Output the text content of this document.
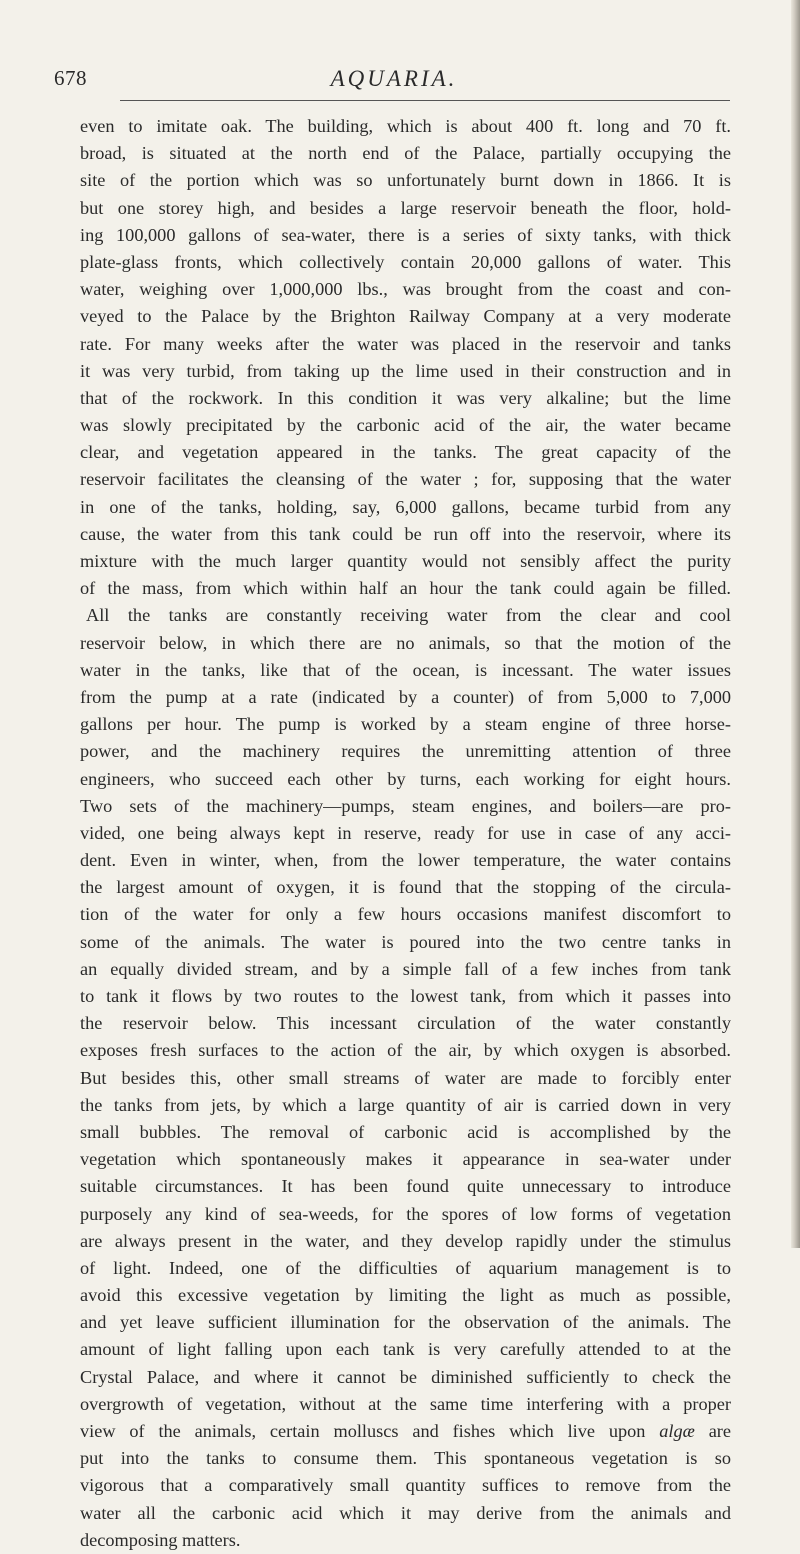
678	AQUARIA.
even to imitate oak. The building, which is about 400 ft. long and 70 ft.
broad, is situated at the north end of the Palace, partially occupying the
site of the portion which was so unfortunately burnt down in 1866. It is
but one storey high, and besides a large reservoir beneath the floor, hold-
ing 100,000 gallons of sea-water, there is a series of sixty tanks, with thick
plate-glass fronts, which collectively contain 20,000 gallons of water. This
water, weighing over 1,000,000 lbs., was brought from the coast and con-
veyed to the Palace by the Brighton Railway Company at a very moderate
rate. For many weeks after the water was placed in the reservoir and tanks
it was very turbid, from taking up the lime used in their construction and in
that of the rockwork. In this condition it was very alkaline; but the lime
was slowly precipitated by the carbonic acid of the air, the water became
clear, and vegetation appeared in the tanks. The great capacity of the
reservoir facilitates the cleansing of the water ; for, supposing that the water
in one of the tanks, holding, say, 6,000 gallons, became turbid from any
cause, the water from this tank could be run off into the reservoir, where its
mixture with the much larger quantity would not sensibly affect the purity
of the mass, from which within half an hour the tank could again be filled.
All the tanks are constantly receiving water from the clear and cool
reservoir below, in which there are no animals, so that the motion of the
water in the tanks, like that of the ocean, is incessant. The water issues
from the pump at a rate (indicated by a counter) of from 5,000 to 7,000
gallons per hour. The pump is worked by a steam engine of three horse-
power, and the machinery requires the unremitting attention of three
engineers, who succeed each other by turns, each working for eight hours.
Two sets of the machinery—pumps, steam engines, and boilers—are pro-
vided, one being always kept in reserve, ready for use in case of any acci-
dent. Even in winter, when, from the lower temperature, the water contains
the largest amount of oxygen, it is found that the stopping of the circula-
tion of the water for only a few hours occasions manifest discomfort to
some of the animals. The water is poured into the two centre tanks in
an equally divided stream, and by a simple fall of a few inches from tank
to tank it flows by two routes to the lowest tank, from which it passes into
the reservoir below. This incessant circulation of the water constantly
exposes fresh surfaces to the action of the air, by which oxygen is absorbed.
But besides this, other small streams of water are made to forcibly enter
the tanks from jets, by which a large quantity of air is carried down in very
small bubbles. The removal of carbonic acid is accomplished by the
vegetation which spontaneously makes it appearance in sea-water under
suitable circumstances. It has been found quite unnecessary to introduce
purposely any kind of sea-weeds, for the spores of low forms of vegetation
are always present in the water, and they develop rapidly under the stimulus
of light. Indeed, one of the difficulties of aquarium management is to
avoid this excessive vegetation by limiting the light as much as possible,
and yet leave sufficient illumination for the observation of the animals. The
amount of light falling upon each tank is very carefully attended to at the
Crystal Palace, and where it cannot be diminished sufficiently to check the
overgrowth of vegetation, without at the same time interfering with a proper
view of the animals, certain molluscs and fishes which live upon algæ are
put into the tanks to consume them. This spontaneous vegetation is so
vigorous that a comparatively small quantity suffices to remove from the
water all the carbonic acid which it may derive from the animals and
decomposing matters.
